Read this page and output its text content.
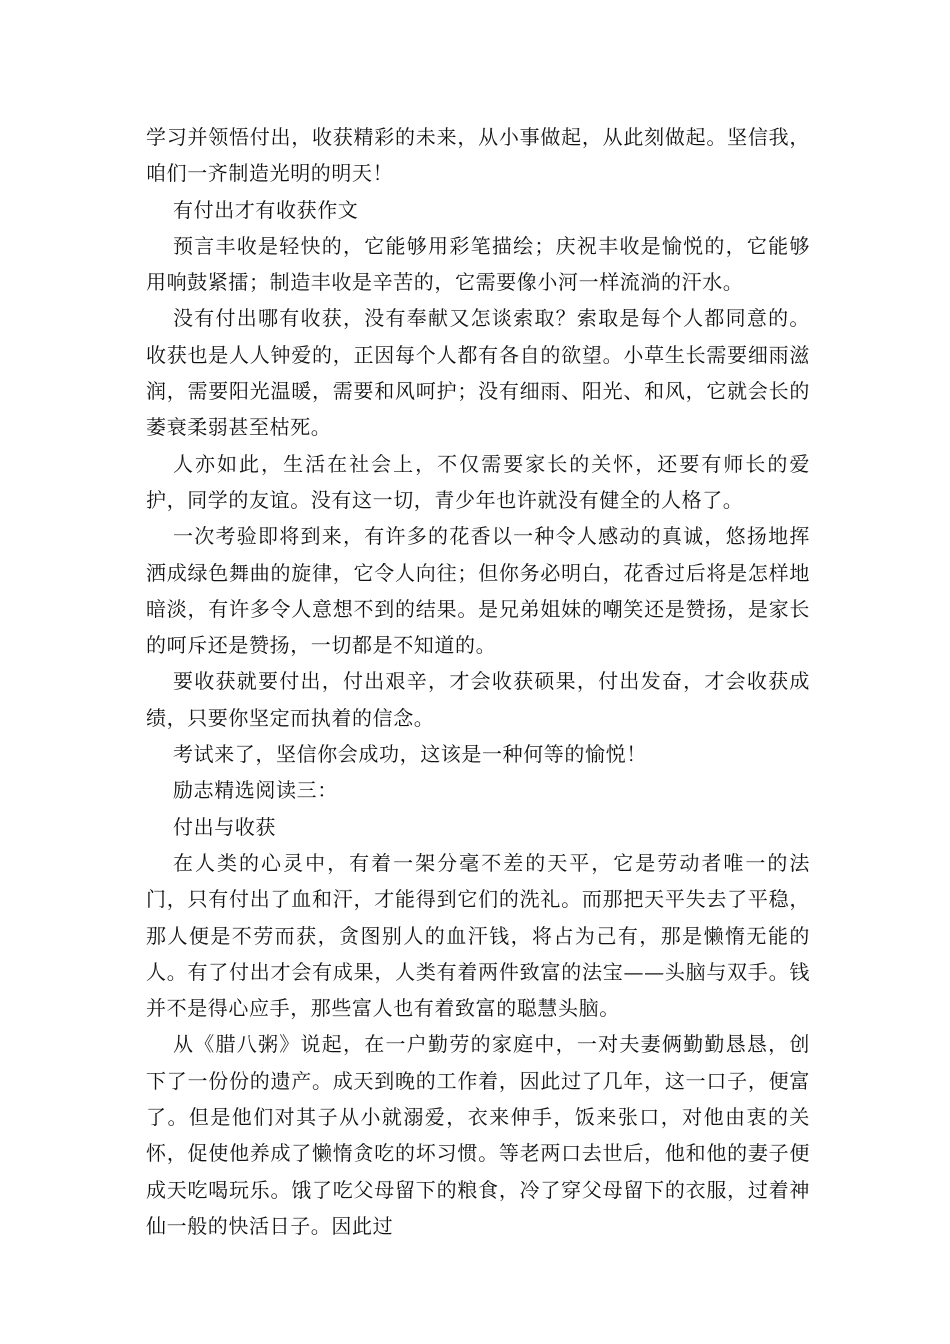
学习并领悟付出，收获精彩的未来，从小事做起，从此刻做起。坚信我，咱们一齐制造光明的明天！

有付出才有收获作文

预言丰收是轻快的，它能够用彩笔描绘；庆祝丰收是愉悦的，它能够用响鼓紧擂；制造丰收是辛苦的，它需要像小河一样流淌的汗水。

没有付出哪有收获，没有奉献又怎谈索取？索取是每个人都同意的。收获也是人人钟爱的，正因每个人都有各自的欲望。小草生长需要细雨滋润，需要阳光温暖，需要和风呵护；没有细雨、阳光、和风，它就会长的萎衰柔弱甚至枯死。

人亦如此，生活在社会上，不仅需要家长的关怀，还要有师长的爱护，同学的友谊。没有这一切，青少年也许就没有健全的人格了。

一次考验即将到来，有许多的花香以一种令人感动的真诚，悠扬地挥洒成绿色舞曲的旋律，它令人向往；但你务必明白，花香过后将是怎样地暗淡，有许多令人意想不到的结果。是兄弟姐妹的嘲笑还是赞扬，是家长的呵斥还是赞扬，一切都是不知道的。

要收获就要付出，付出艰辛，才会收获硕果，付出发奋，才会收获成绩，只要你坚定而执着的信念。

考试来了，坚信你会成功，这该是一种何等的愉悦！

励志精选阅读三：

付出与收获

在人类的心灵中，有着一架分毫不差的天平，它是劳动者唯一的法门，只有付出了血和汗，才能得到它们的洗礼。而那把天平失去了平稳，那人便是不劳而获，贪图别人的血汗钱，将占为己有，那是懒惰无能的人。有了付出才会有成果，人类有着两件致富的法宝——头脑与双手。钱并不是得心应手，那些富人也有着致富的聪慧头脑。

从《腊八粥》说起，在一户勤劳的家庭中，一对夫妻俩勤勤恳恳，创下了一份份的遗产。成天到晚的工作着，因此过了几年，这一口子，便富了。但是他们对其子从小就溺爱，衣来伸手，饭来张口，对他由衷的关怀，促使他养成了懒惰贪吃的坏习惯。等老两口去世后，他和他的妻子便成天吃喝玩乐。饿了吃父母留下的粮食，冷了穿父母留下的衣服，过着神仙一般的快活日子。因此过
